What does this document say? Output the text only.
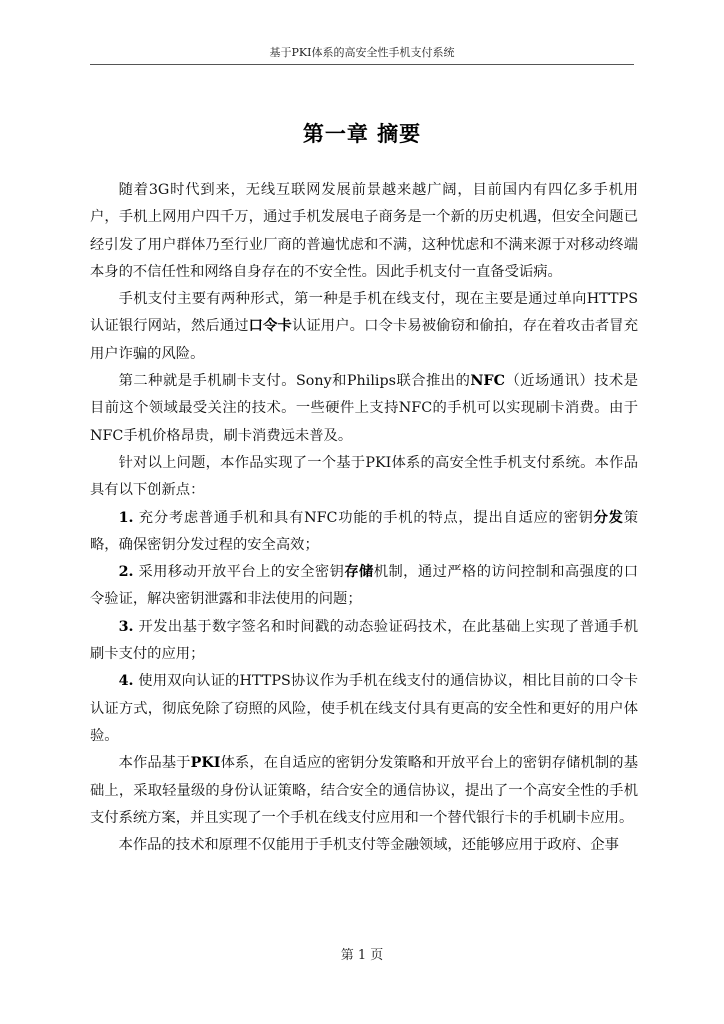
基于PKI体系的高安全性手机支付系统
第一章 摘要

随着3G时代到来，无线互联网发展前景越来越广阔，目前国内有四亿多手机用户，手机上网用户四千万，通过手机发展电子商务是一个新的历史机遇，但安全问题已经引发了用户群体乃至行业厂商的普遍忧虑和不满，这种忧虑和不满来源于对移动终端本身的不信任性和网络自身存在的不安全性。因此手机支付一直备受诟病。

手机支付主要有两种形式，第一种是手机在线支付，现在主要是通过单向HTTPS认证银行网站，然后通过口令卡认证用户。口令卡易被偷窃和偷拍，存在着攻击者冒充用户诈骗的风险。

第二种就是手机刷卡支付。Sony和Philips联合推出的NFC（近场通讯）技术是目前这个领域最受关注的技术。一些硬件上支持NFC的手机可以实现刷卡消费。由于NFC手机价格昂贵，刷卡消费远未普及。

针对以上问题，本作品实现了一个基于PKI体系的高安全性手机支付系统。本作品具有以下创新点：

1. 充分考虑普通手机和具有NFC功能的手机的特点，提出自适应的密钥分发策略，确保密钥分发过程的安全高效；

2. 采用移动开放平台上的安全密钥存储机制，通过严格的访问控制和高强度的口令验证，解决密钥泄露和非法使用的问题；

3. 开发出基于数字签名和时间戳的动态验证码技术，在此基础上实现了普通手机刷卡支付的应用；

4. 使用双向认证的HTTPS协议作为手机在线支付的通信协议，相比目前的口令卡认证方式，彻底免除了窃照的风险，使手机在线支付具有更高的安全性和更好的用户体验。

本作品基于PKI体系，在自适应的密钥分发策略和开放平台上的密钥存储机制的基础上，采取轻量级的身份认证策略，结合安全的通信协议，提出了一个高安全性的手机支付系统方案，并且实现了一个手机在线支付应用和一个替代银行卡的手机刷卡应用。

本作品的技术和原理不仅能用于手机支付等金融领域，还能够应用于政府、企事

第 1 页
